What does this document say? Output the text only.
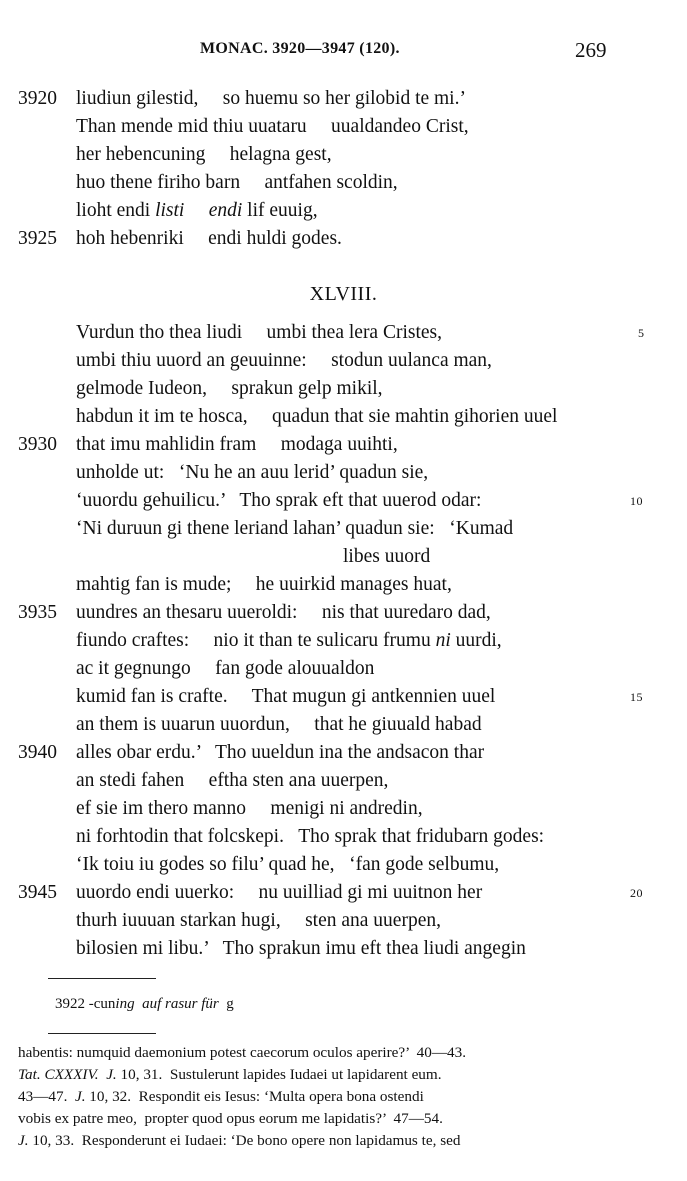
MONAC. 3920—3947 (120).	269
3920 liudiun gilestid,     so huemu so her gilobid te mi.’
Than mende mid thiu uuataru     uualdandeo Crist,
her hebencuning     helagna gest,
huo thene firiho barn     antfahen scoldin,
lioht endi listi endi lif euuig,
3925 hoh hebenriki     endi huldi godes.
XLVIII.
Vurdun tho thea liudi     umbi thea lera Cristes,	5
umbi thiu uuord an geuuinne:     stodun uulanca man,
gelmode Iudeon,     sprakun gelp mikil,
habdun it im te hosca,     quadun that sie mahtin gihorien uuel
3930 that imu mahlidin fram     modaga uuihti,
unholde ut:   ‘Nu he an auu lerid’ quadun sie,
‘uuordu gehuilicu.’   Tho sprak eft that uuerod odar:	10
‘Ni duruun gi thene leriand lahan’ quadun sie:   ‘Kumad
libes uuord
mahtig fan is mude;     he uuirkid manages huat,
3935 uundres an thesaru uueroldi:     nis that uuredaro dad,
fiundo craftes:     nio it than te sulicaru frumu ni uurdi,
ac it gegnungo     fan gode alouualdon
kumid fan is crafte.     That mugun gi antkennien uuel	15
an them is uuarun uuordun,     that he giuuald habad
3940 alles obar erdu.’   Tho uueldun ina the andsacon thar
an stedi fahen     eftha sten ana uuerpen,
ef sie im thero manno     menigi ni andredin,
ni forhtodin that folcskepi.   Tho sprak that fridubarn godes:
‘Ik toiu iu godes so filu’ quad he,   ‘fan gode selbumu,
3945 uuordo endi uuerko:     nu uuilliad gi mi uuitnon her	20
thurh iuuuan starkan hugi,     sten ana uuerpen,
bilosien mi libu.’   Tho sprakun imu eft thea liudi angegin
3922 -cuning auf rasur für g
habentis: numquid daemonium potest caecorum oculos aperire?’  40—43.
Tat. CXXXIV. J. 10, 31.  Sustulerunt lapides Iudaei ut lapidarent eum.
43—47.  J. 10, 32.  Respondit eis Iesus: ‘Multa opera bona ostendi
vobis ex patre meo,  propter quod opus eorum me lapidatis?’  47—54.
J. 10, 33.  Responderunt ei Iudaei: ‘De bono opere non lapidamus te, sed
